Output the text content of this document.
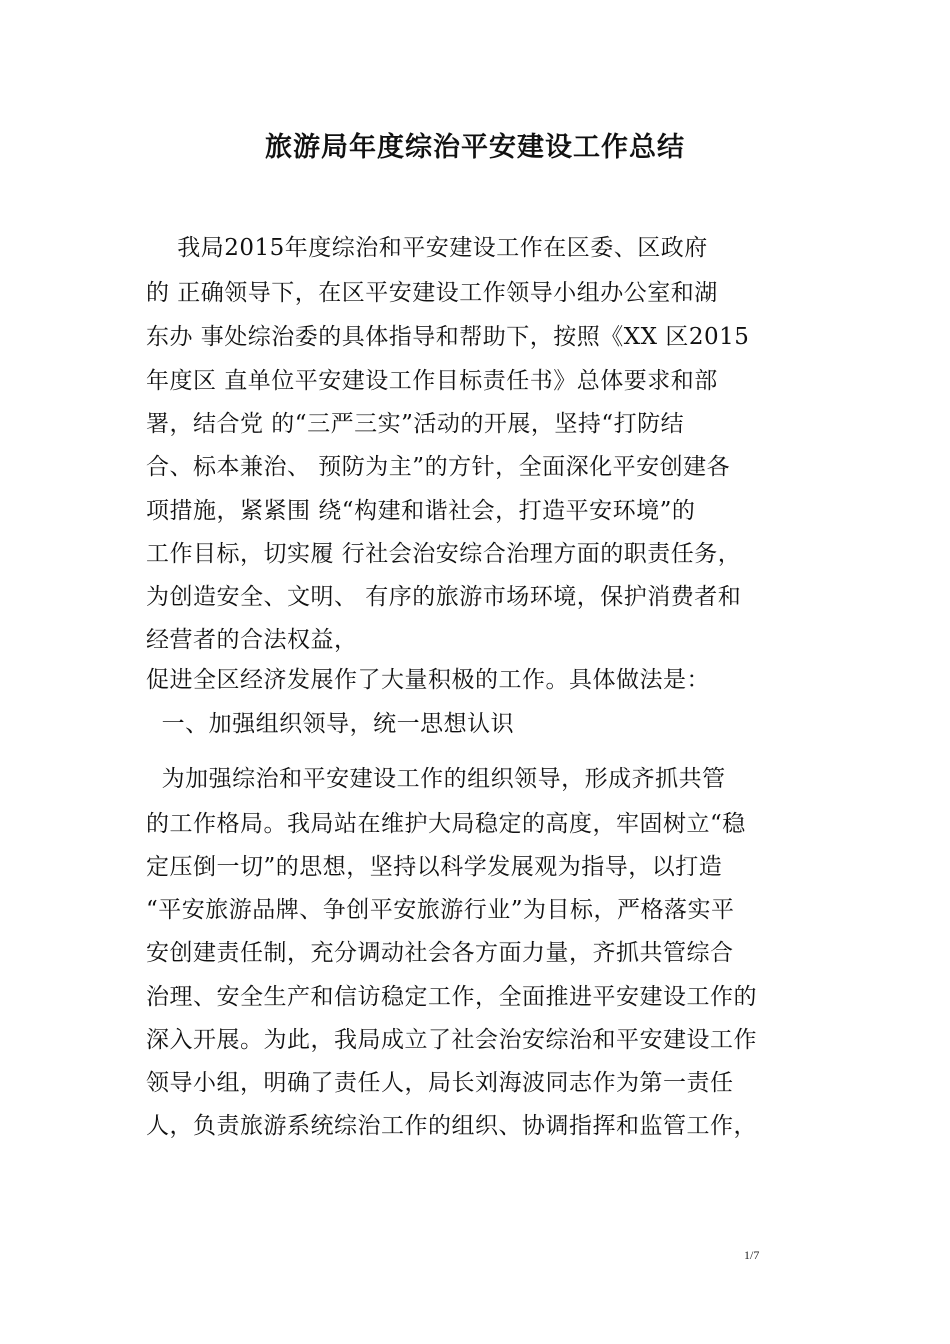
旅游局年度综治平安建设工作总结
我局2015年度综治和平安建设工作在区委、区政府
的 正确领导下，在区平安建设工作领导小组办公室和湖
东办 事处综治委的具体指导和帮助下，按照《XX 区2015
年度区 直单位平安建设工作目标责任书》总体要求和部
署，结合党 的“三严三实”活动的开展，坚持“打防结
合、标本兼治、 预防为主”的方针，全面深化平安创建各
项措施，紧紧围 绕“构建和谐社会，打造平安环境”的
工作目标，切实履 行社会治安综合治理方面的职责任务，
为创造安全、文明、 有序的旅游市场环境，保护消费者和
经营者的合法权益，
促进全区经济发展作了大量积极的工作。具体做法是：
一、加强组织领导，统一思想认识
为加强综治和平安建设工作的组织领导，形成齐抓共管
的工作格局。我局站在维护大局稳定的高度，牢固树立“稳
定压倒一切”的思想，坚持以科学发展观为指导，以打造
“平安旅游品牌、争创平安旅游行业”为目标，严格落实平
安创建责任制，充分调动社会各方面力量，齐抓共管综合
治理、安全生产和信访稳定工作，全面推进平安建设工作的
深入开展。为此，我局成立了社会治安综治和平安建设工作
领导小组，明确了责任人，局长刘海波同志作为第一责任
人，负责旅游系统综治工作的组织、协调指挥和监管工作，
1/7
